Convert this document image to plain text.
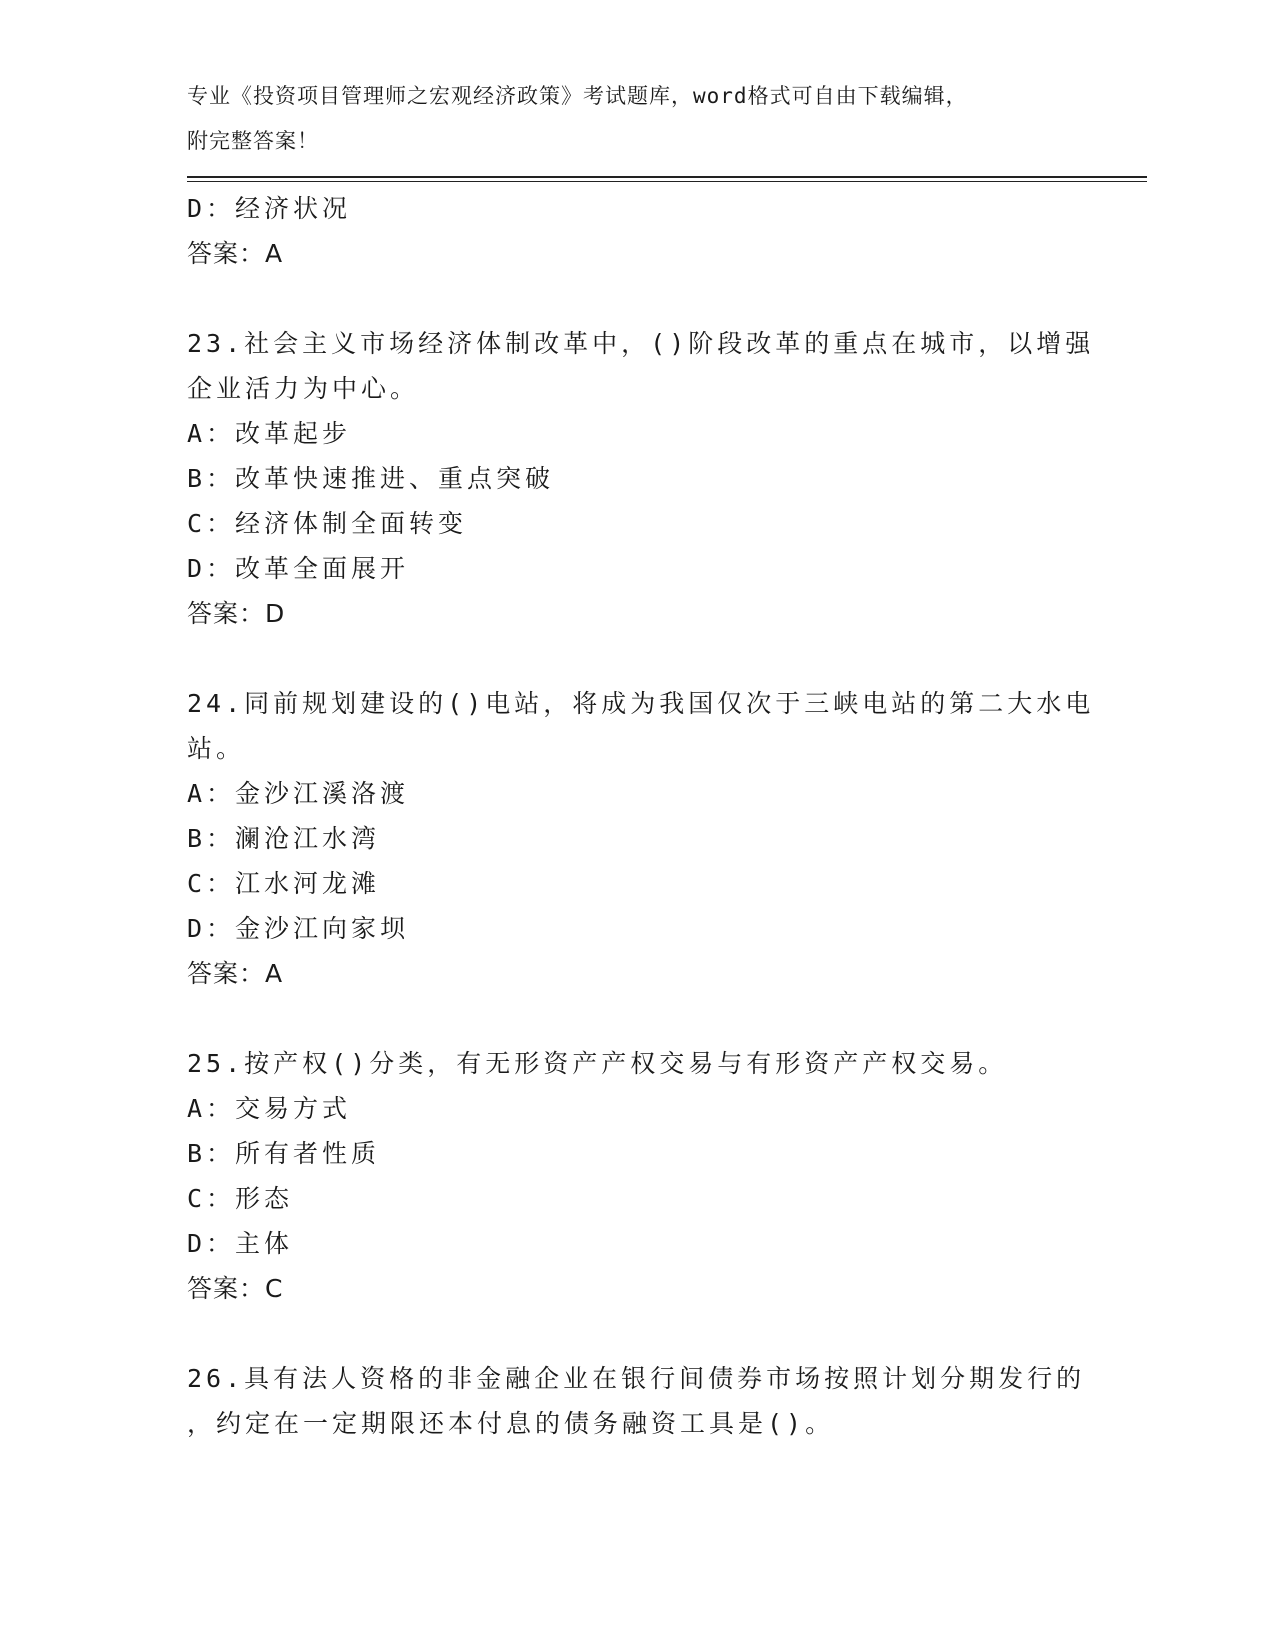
专业《投资项目管理师之宏观经济政策》考试题库，word格式可自由下载编辑，
附完整答案！
D：经济状况
答案：A
23.社会主义市场经济体制改革中，()阶段改革的重点在城市，以增强
企业活力为中心。
A：改革起步
B：改革快速推进、重点突破
C：经济体制全面转变
D：改革全面展开
答案：D
24.同前规划建设的()电站，将成为我国仅次于三峡电站的第二大水电
站。
A：金沙江溪洛渡
B：澜沧江水湾
C：江水河龙滩
D：金沙江向家坝
答案：A
25.按产权()分类，有无形资产产权交易与有形资产产权交易。
A：交易方式
B：所有者性质
C：形态
D：主体
答案：C
26.具有法人资格的非金融企业在银行间债券市场按照计划分期发行的
，约定在一定期限还本付息的债务融资工具是()。
